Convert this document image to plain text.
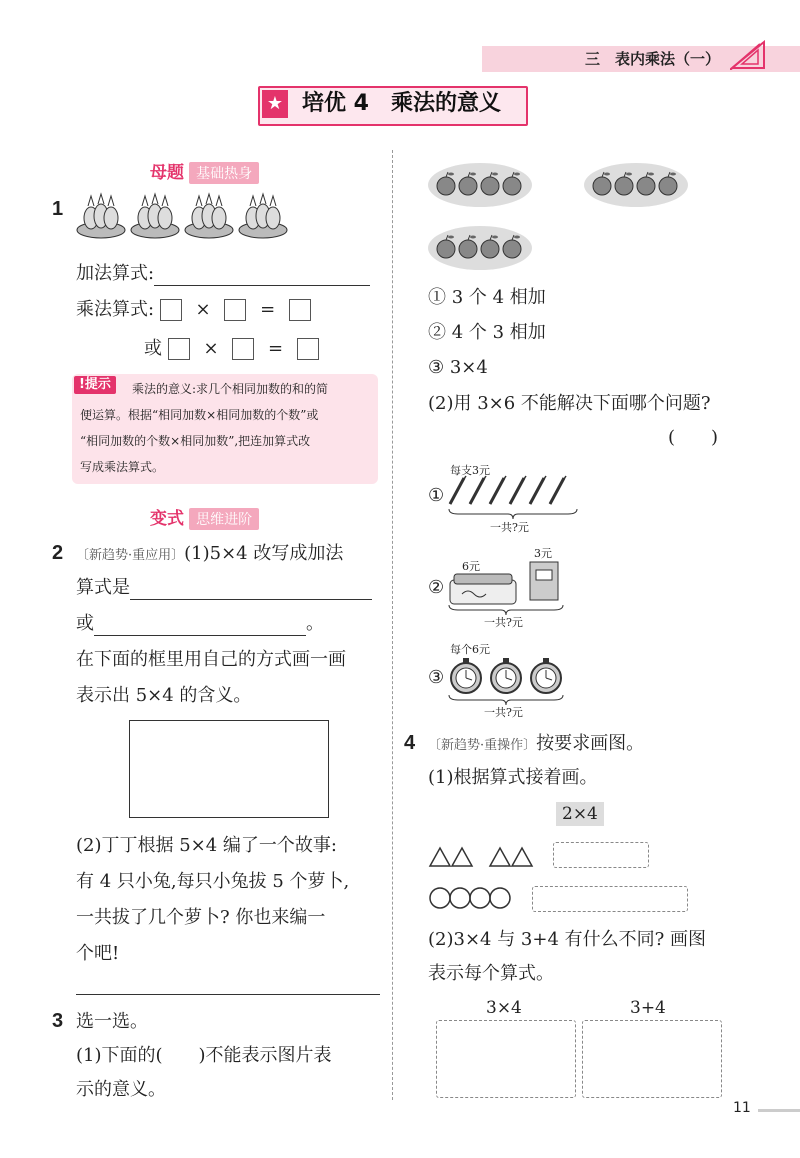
三　表内乘法（一）
★ 培优 4　乘法的意义
母题 基础热身
1
加法算式:
乘法算式: ×	=
或 ×	=
!提示	乘法的意义:求几个相同加数的和的简
便运算。根据“相同加数×相同加数的个数”或
“相同加数的个数×相同加数”,把连加算式改
写成乘法算式。
变式 思维进阶
2 〔新趋势·重应用〕(1)5×4 改写成加法
算式是
或	。
在下面的框里用自己的方式画一画
表示出 5×4 的含义。
(2)丁丁根据 5×4 编了一个故事:
有 4 只小兔,每只小兔拔 5 个萝卜,
一共拔了几个萝卜? 你也来编一
个吧!
3 选一选。
(1)下面的(　　)不能表示图片表
示的意义。
① 3 个 4 相加
② 4 个 3 相加
③ 3×4
(2)用 3×6 不能解决下面哪个问题?
(　　)
每支3元
①
一共?元
6元
3元
②
一共?元
每个6元
③
一共?元
4 〔新趋势·重操作〕按要求画图。
(1)根据算式接着画。
2×4
(2)3×4 与 3+4 有什么不同? 画图
表示每个算式。
3×4	3+4
11
